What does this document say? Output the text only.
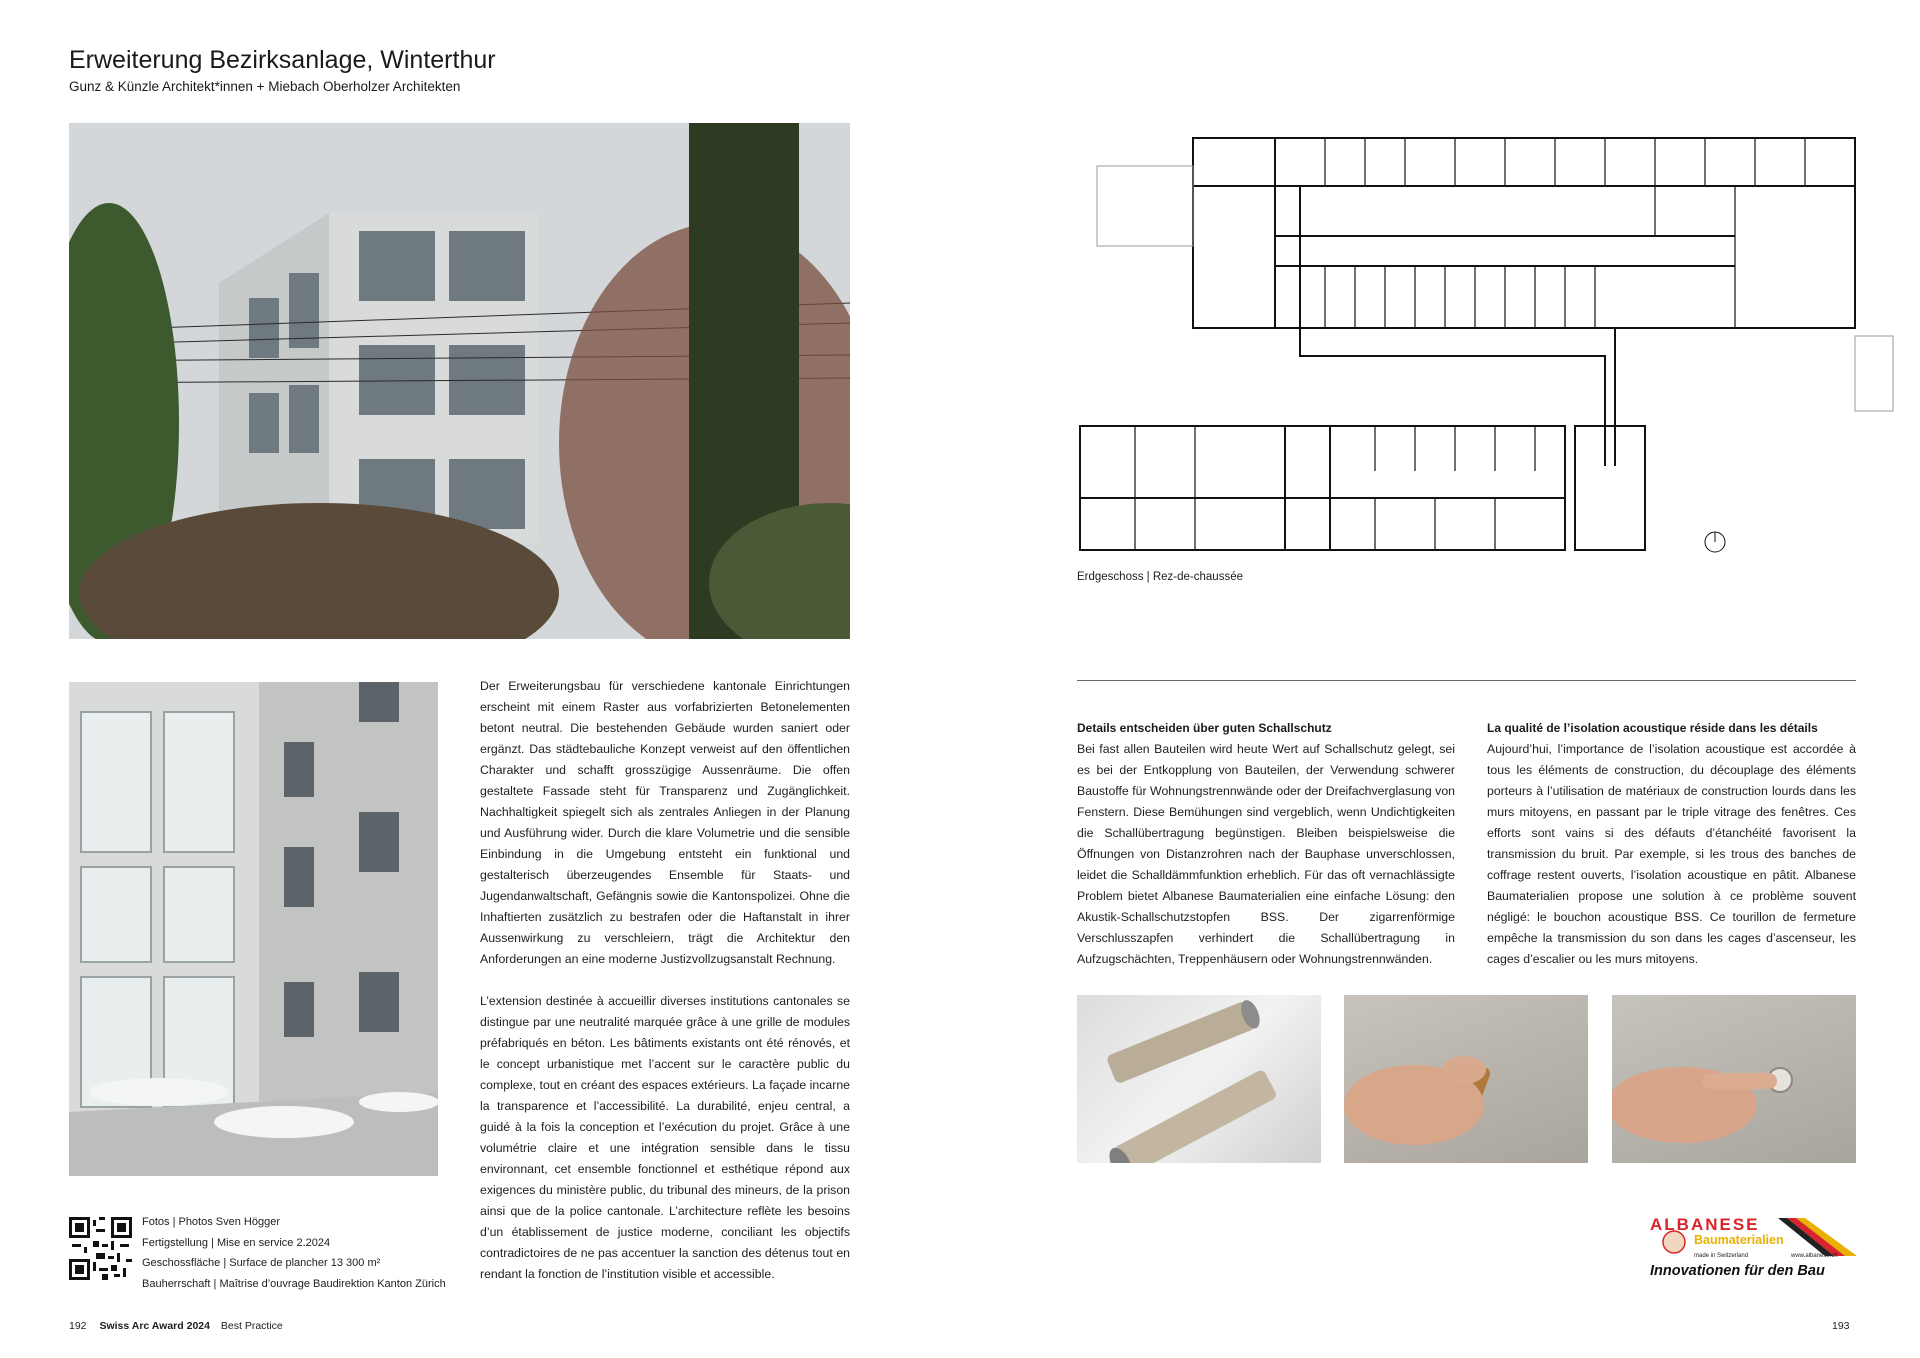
Erweiterung Bezirksanlage, Winterthur
Gunz & Künzle Architekt*innen + Miebach Oberholzer Architekten
Der Erweiterungsbau für verschiedene kantonale Einrichtungen erscheint mit einem Raster aus vorfabrizierten Betonelementen betont neutral. Die bestehenden Gebäude wurden saniert oder ergänzt. Das städtebauliche Konzept verweist auf den öffentlichen Charakter und schafft grosszügige Aussenräume. Die offen gestaltete Fassade steht für Transparenz und Zugänglichkeit. Nachhaltigkeit spiegelt sich als zentrales Anliegen in der Planung und Ausführung wider. Durch die klare Volumetrie und die sensible Einbindung in die Umgebung entsteht ein funktional und gestalterisch überzeugendes Ensemble für Staats- und Jugendanwaltschaft, Gefängnis sowie die Kantonspolizei. Ohne die Inhaftierten zusätzlich zu bestrafen oder die Haftanstalt in ihrer Aussenwirkung zu verschleiern, trägt die Architektur den Anforderungen an eine moderne Justizvollzugsanstalt Rechnung.
L’extension destinée à accueillir diverses institutions cantonales se distingue par une neutralité marquée grâce à une grille de modules préfabriqués en béton. Les bâtiments existants ont été rénovés, et le concept urbanistique met l’accent sur le caractère public du complexe, tout en créant des espaces extérieurs. La façade incarne la transparence et l’accessibilité. La durabilité, enjeu central, a guidé à la fois la conception et l’exécution du projet. Grâce à une volumétrie claire et une intégration sensible dans le tissu environnant, cet ensemble fonctionnel et esthétique répond aux exigences du ministère public, du tribunal des mineurs, de la prison ainsi que de la police cantonale. L’architecture reflète les besoins d’un établissement de justice moderne, conciliant les objectifs contradictoires de ne pas accentuer la sanction des détenus tout en rendant la fonction de l’institution visible et accessible.
Fotos | Photos Sven Högger
Fertigstellung | Mise en service 2.2024
Geschossfläche | Surface de plancher 13 300 m²
Bauherrschaft | Maîtrise d’ouvrage Baudirektion Kanton Zürich
192 Swiss Arc Award 2024 Best Practice
Erdgeschoss | Rez-de-chaussée
Details entscheiden über guten Schallschutz
Bei fast allen Bauteilen wird heute Wert auf Schallschutz gelegt, sei es bei der Entkopplung von Bauteilen, der Verwendung schwerer Baustoffe für Wohnungstrennwände oder der Dreifachverglasung von Fenstern. Diese Bemühungen sind vergeblich, wenn Undichtigkeiten die Schallübertragung begünstigen. Bleiben beispielsweise die Öffnungen von Distanzrohren nach der Bauphase unverschlossen, leidet die Schalldämmfunktion erheblich. Für das oft vernachlässigte Problem bietet Albanese Baumaterialien eine einfache Lösung: den Akustik-Schallschutzstopfen BSS. Der zigarrenförmige Verschlusszapfen verhindert die Schallübertragung in Aufzugschächten, Treppenhäusern oder Wohnungstrennwänden.
La qualité de l’isolation acoustique réside dans les détails
Aujourd’hui, l’importance de l’isolation acoustique est accordée à tous les éléments de construction, du découplage des éléments porteurs à l’utilisation de matériaux de construction lourds dans les murs mitoyens, en passant par le triple vitrage des fenêtres. Ces efforts sont vains si des défauts d’étanchéité favorisent la transmission du bruit. Par exemple, si les trous des banches de coffrage restent ouverts, l’isolation acoustique en pâtit. Albanese Baumaterialien propose une solution à ce problème souvent négligé: le bouchon acoustique BSS. Ce tourillon de fermeture empêche la transmission du son dans les cages d’ascenseur, les cages d’escalier ou les murs mitoyens.
ALBANESE
Baumaterialien
made in Switzerland	www.albanese.ch
Innovationen für den Bau
193
